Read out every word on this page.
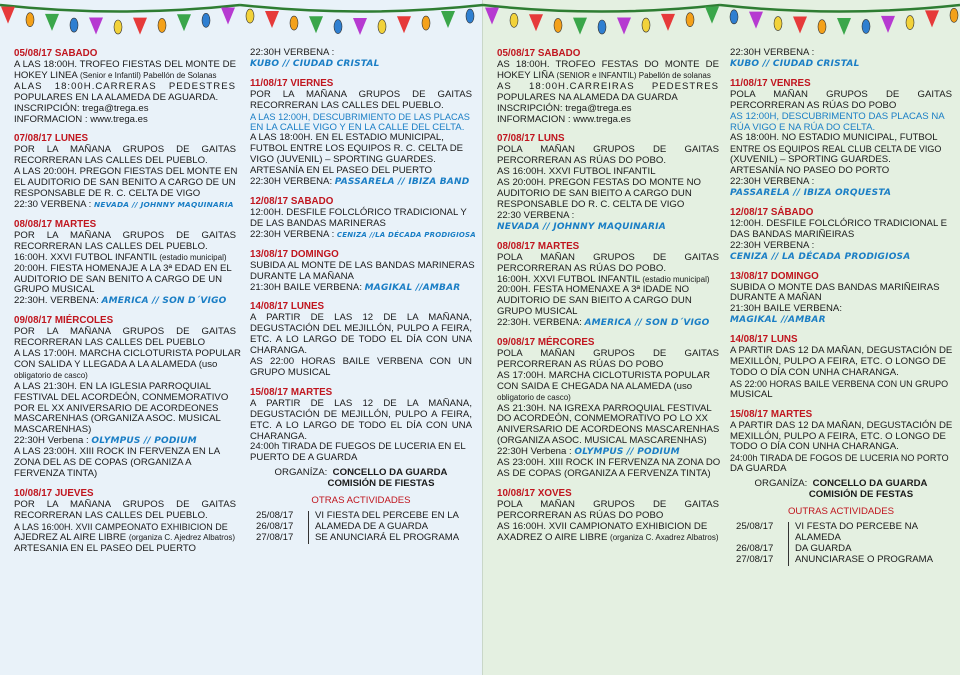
05/08/17 SABADO
A LAS 18:00H. TROFEO FIESTAS DEL MONTE DE
HOKEY LINEA (Senior e Infantil) Pabellón de Solanas
ALAS 18:00H.CARRERAS PEDESTRES
POPULARES EN LA ALAMEDA DE AGUARDA.
INSCRIPCIÓN: trega@trega.es
INFORMACION : www.trega.es
07/08/17 LUNES
POR LA MAÑANA GRUPOS DE GAITAS
RECORRERAN LAS CALLES DEL PUEBLO.
A LAS 20:00H. PREGON FIESTAS DEL MONTE EN
EL AUDITORIO DE SAN BENITO A CARGO DE UN
RESPONSABLE DE R. C. CELTA DE VIGO
22:30 VERBENA : NEVADA // JOHNNY MAQUINARIA
08/08/17 MARTES
POR LA MAÑANA GRUPOS DE GAITAS
RECORRERAN LAS CALLES DEL PUEBLO.
16:00H. XXVI FUTBOL INFANTIL (estadio municipal)
20:00H. FIESTA HOMENAJE A LA 3ª EDAD EN EL
AUDITORIO DE SAN BENITO A CARGO DE UN
GRUPO MUSICAL
22:30H. VERBENA: AMERICA // SON D´VIGO
09/08/17 MIÉRCOLES
POR LA MAÑANA GRUPOS DE GAITAS
RECORRERAN LAS CALLES DEL PUEBLO
A LAS 17:00H. MARCHA CICLOTURISTA POPULAR
CON SALIDA Y LLEGADA A LA ALAMEDA (uso
obligatorio de casco)
A LAS 21:30H. EN LA IGLESIA PARROQUIAL
FESTIVAL DEL ACORDEÓN, CONMEMORATIVO
POR EL XX ANIVERSARIO DE ACORDEONES
MASCARENHAS (ORGANIZA ASOC. MUSICAL
MASCARENHAS)
22:30H Verbena : OLYMPUS // PODIUM
A LAS 23:00H. XIII ROCK IN FERVENZA EN LA
ZONA DEL AS DE COPAS (ORGANIZA A
FERVENZA TINTA)
10/08/17 JUEVES
POR LA MAÑANA GRUPOS DE GAITAS
RECORRERAN LAS CALLES DEL PUEBLO.
A LAS 16:00H. XVII CAMPEONATO EXHIBICION DE
AJEDREZ AL AIRE LIBRE (organiza C. Ajedrez Albatros)
ARTESANIA EN EL PASEO DEL PUERTO
22:30H VERBENA :
KUBO // CIUDAD CRISTAL
11/08/17 VIERNES
POR LA MAÑANA GRUPOS DE GAITAS
RECORRERAN LAS CALLES DEL PUEBLO.
A LAS 12:00H, DESCUBRIMIENTO DE LAS PLACAS
EN LA CALLE VIGO Y EN LA CALLE DEL CELTA.
A LAS 18:00H. EN EL ESTADIO MUNICIPAL,
FUTBOL ENTRE LOS EQUIPOS R. C. CELTA DE
VIGO (JUVENIL) – SPORTING GUARDES.
ARTESANÍA EN EL PASEO DEL PUERTO
22:30H VERBENA: PASSARELA // IBIZA BAND
12/08/17 SABADO
12:00H. DESFILE FOLCLÓRICO TRADICIONAL Y
DE LAS BANDAS MARINERAS
22:30H VERBENA : CENIZA //LA DÉCADA PRODIGIOSA
13/08/17 DOMINGO
SUBIDA AL MONTE DE LAS BANDAS MARINERAS
DURANTE LA MAÑANA
21:30H BAILE VERBENA: MAGIKAL //AMBAR
14/08/17 LUNES
A PARTIR DE LAS 12 DE LA MAÑANA,
DEGUSTACIÓN DEL MEJILLÓN, PULPO A FEIRA,
ETC. A LO LARGO DE TODO EL DÍA CON UNA
CHARANGA.
AS 22:00 HORAS BAILE VERBENA CON UN
GRUPO MUSICAL
15/08/17 MARTES
A PARTIR DE LAS 12 DE LA MAÑANA,
DEGUSTACIÓN DE MEJILLÓN, PULPO A FEIRA,
ETC. A LO LARGO DE TODO EL DÍA CON UNA
CHARANGA.
24:00h TIRADA DE FUEGOS DE LUCERIA EN EL
PUERTO DE A GUARDA
ORGANÍZA: CONCELLO DA GUARDA
COMISIÓN DE FIESTAS
OTRAS ACTIVIDADES
25/08/17	VI FIESTA DEL PERCEBE EN LA
26/08/17	ALAMEDA DE A GUARDA
27/08/17	SE ANUNCIARÁ EL PROGRAMA
05/08/17 SABADO
AS 18:00H. TROFEO FESTAS DO MONTE DE
HOKEY LIÑA (SENIOR e INFANTIL) Pabellón de solanas
AS 18:00H.CARREIRAS PEDESTRES
POPULARES NA ALAMEDA DA GUARDA
INSCRIPCIÓN: trega@trega.es
INFORMACION : www.trega.es
07/08/17 LUNS
POLA MAÑAN GRUPOS DE GAITAS
PERCORRERAN AS RÚAS DO POBO.
AS 16:00H. XXVI FUTBOL INFANTIL
AS 20:00H. PREGON FESTAS DO MONTE NO
AUDITORIO DE SAN BIEITO A CARGO DUN
RESPONSABLE DO R. C. CELTA DE VIGO
22:30 VERBENA :
NEVADA // JOHNNY MAQUINARIA
08/08/17 MARTES
POLA MAÑAN GRUPOS DE GAITAS
PERCORRERAN AS RÚAS DO POBO.
16:00H. XXVI FUTBOL INFANTIL (estadio municipal)
20:00H. FESTA HOMENAXE A 3ª IDADE NO
AUDITORIO DE SAN BIEITO A CARGO DUN
GRUPO MUSICAL
22:30H. VERBENA: AMERICA // SON D´VIGO
09/08/17 MÉRCORES
POLA MAÑAN GRUPOS DE GAITAS
PERCORRERAN AS RÚAS DO POBO
AS 17:00H. MARCHA CICLOTURISTA POPULAR
CON SAIDA E CHEGADA NA ALAMEDA (uso
obligatorio de casco)
AS 21:30H. NA IGREXA PARROQUIAL FESTIVAL
DO ACORDEÓN, CONMEMORATIVO PO LO XX
ANIVERSARIO DE ACORDEONS MASCARENHAS
(ORGANIZA ASOC. MUSICAL MASCARENHAS)
22:30H Verbena : OLYMPUS // PODIUM
AS 23:00H. XIII ROCK IN FERVENZA NA ZONA DO
AS DE COPAS (ORGANIZA A FERVENZA TINTA)
10/08/17 XOVES
POLA MAÑAN GRUPOS DE GAITAS
PERCORRERAN AS RÚAS DO POBO
AS 16:00H. XVII CAMPIONATO EXHIBICION DE
AXADREZ O AIRE LIBRE (organiza C. Axadrez Albatros)
22:30H VERBENA :
KUBO // CIUDAD CRISTAL
11/08/17 VENRES
POLA MAÑAN GRUPOS DE GAITAS
PERCORRERAN AS RÚAS DO POBO
AS 12:00H, DESCUBRIMENTO DAS PLACAS NA
RÚA VIGO E NA RÚA DO CELTA.
AS 18:00H. NO ESTADIO MUNICIPAL, FUTBOL
ENTRE OS EQUIPOS REAL CLUB CELTA DE VIGO
(XUVENIL) – SPORTING GUARDES.
ARTESANÍA NO PASEO DO PORTO
22:30H VERBENA :
PASSARELA // IBIZA ORQUESTA
12/08/17 SÁBADO
12:00H. DESFILE FOLCLÓRICO TRADICIONAL E
DAS BANDAS MARIÑEIRAS
22:30H VERBENA :
CENIZA // LA DÉCADA PRODIGIOSA
13/08/17 DOMINGO
SUBIDA O MONTE DAS BANDAS MARIÑEIRAS
DURANTE A MAÑAN
21:30H BAILE VERBENA:
MAGIKAL //AMBAR
14/08/17 LUNS
A PARTIR DAS 12 DA MAÑAN, DEGUSTACIÓN DE
MEXILLÓN, PULPO A FEIRA, ETC. O LONGO DE
TODO O DÍA CON UNHA CHARANGA.
AS 22:00 HORAS BAILE VERBENA CON UN GRUPO
MUSICAL
15/08/17 MARTES
A PARTIR DAS 12 DA MAÑAN, DEGUSTACIÓN DE
MEXILLÓN, PULPO A FEIRA, ETC. O LONGO DE
TODO O DÍA CON UNHA CHARANGA.
24:00h TIRADA DE FOGOS DE LUCERIA NO PORTO
DA GUARDA
ORGANÍZA: CONCELLO DA GUARDA
COMISIÓN DE FESTAS
OUTRAS ACTIVIDADES
25/08/17	VI FESTA DO PERCEBE NA ALAMEDA
26/08/17	DA GUARDA
27/08/17	ANUNCIARASE O PROGRAMA
